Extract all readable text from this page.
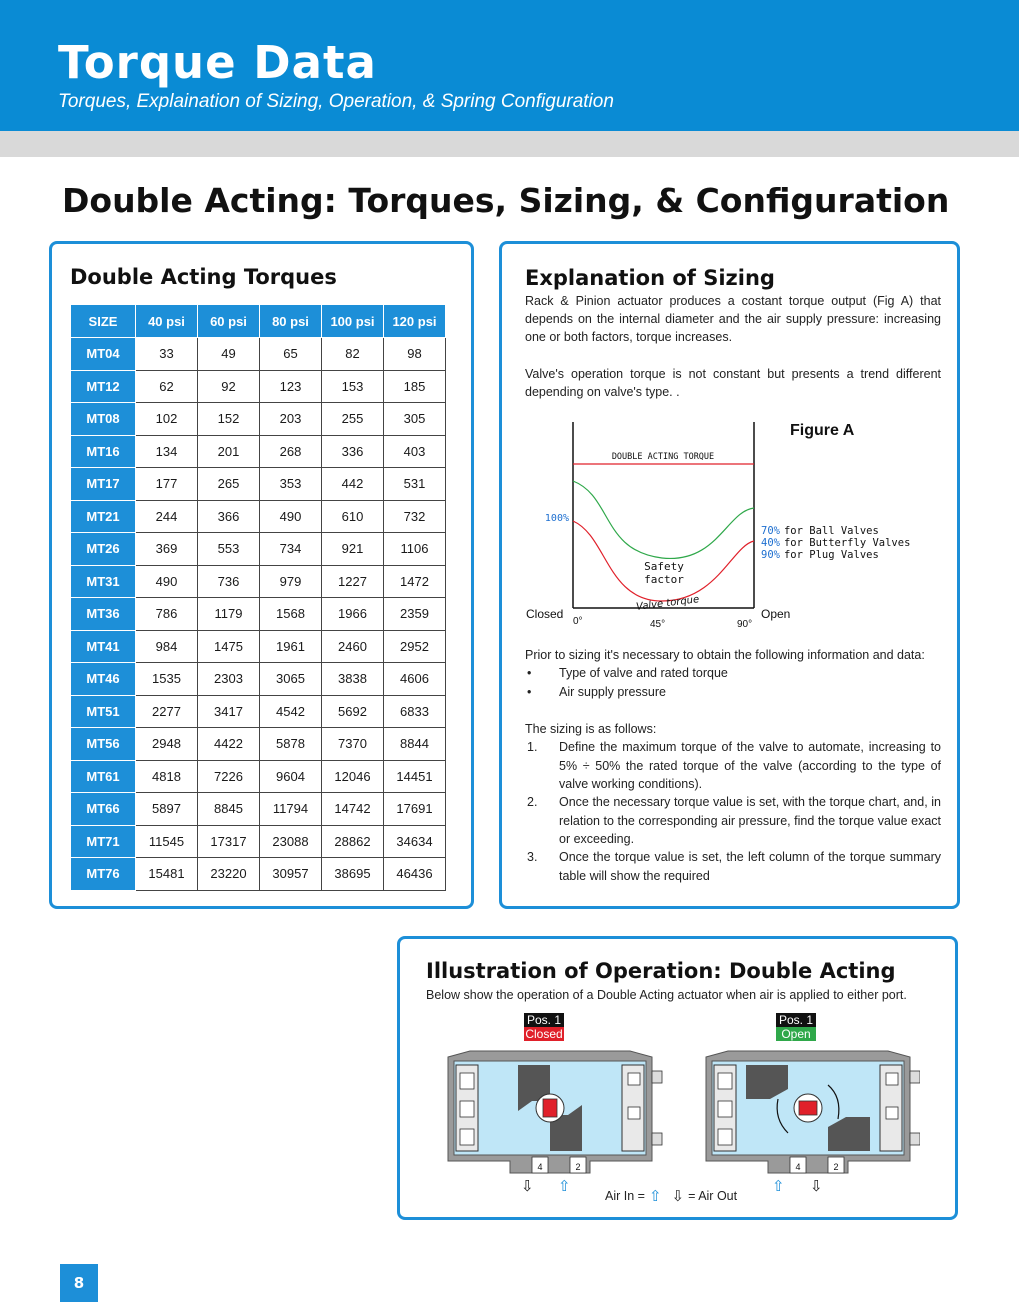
Torque Data
Torques, Explaination of Sizing, Operation, & Spring Configuration
Double Acting: Torques, Sizing, & Configuration
Double Acting Torques
SIZE	40 psi	60 psi	80 psi	100 psi	120 psi
MT04	33	49	65	82	98
MT12	62	92	123	153	185
MT08	102	152	203	255	305
MT16	134	201	268	336	403
MT17	177	265	353	442	531
MT21	244	366	490	610	732
MT26	369	553	734	921	1106
MT31	490	736	979	1227	1472
MT36	786	1179	1568	1966	2359
MT41	984	1475	1961	2460	2952
MT46	1535	2303	3065	3838	4606
MT51	2277	3417	4542	5692	6833
MT56	2948	4422	5878	7370	8844
MT61	4818	7226	9604	12046	14451
MT66	5897	8845	11794	14742	17691
MT71	11545	17317	23088	28862	34634
MT76	15481	23220	30957	38695	46436
Explanation of Sizing
Rack & Pinion actuator produces a costant torque output (Fig A) that depends on the internal diameter and the air supply pressure: increasing one or both factors, torque increases.
Valve's operation torque is not constant but presents a trend different depending on valve's type. .
Figure A
DOUBLE ACTING TORQUE
100%
Safety
factor
Valve torque
Closed	Open
0°	45°	90°
70% for Ball Valves
40% for Butterfly Valves
90% for Plug Valves
Prior to sizing it's necessary to obtain the following information and data:
• Type of valve and rated torque
• Air supply pressure
The sizing is as follows:
1. Define the maximum torque of the valve to automate, increasing to 5% ÷ 50% the rated torque of the valve (according to the type of valve working conditions).
2. Once the necessary torque value is set, with the torque chart, and, in relation to the corresponding air pressure, find the torque value exact or exceeding.
3. Once the torque value is set, the left column of the torque summary table will show the required
Illustration of Operation: Double Acting
Below show the operation of a Double Acting actuator when air is applied to either port.
Pos. 1
Closed
Pos. 1
Open
4	2	4	2
⇩ ⇧	⇧ ⇩
Air In = ⇧ ⇩ = Air Out
8
